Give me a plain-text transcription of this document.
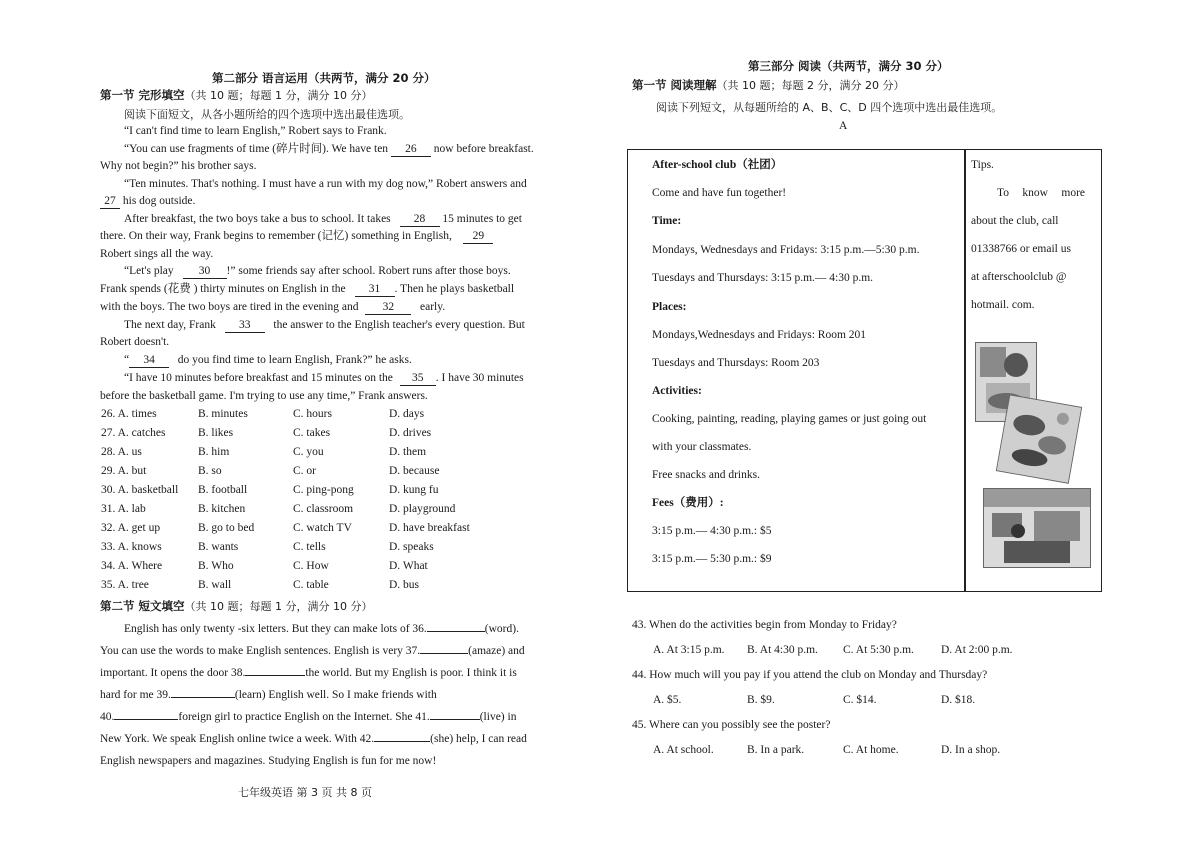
第二部分 语言运用（共两节，满分 20 分）
第一节 完形填空（共 10 题；每题 1 分，满分 10 分）
阅读下面短文，从各小题所给的四个选项中选出最佳选项。
“I can't find time to learn English,” Robert says to Frank.
“You can use fragments of time (碎片时间). We have ten 26 now before breakfast.
Why not begin?” his brother says.
“Ten minutes. That's nothing. I must have a run with my dog now,” Robert answers and
27 his dog outside.
After breakfast, the two boys take a bus to school. It takes 28 15 minutes to get
there. On their way, Frank begins to remember (记忆) something in English, 29
Robert sings all the way.
“Let's play 30 !” some friends say after school. Robert runs after those boys.
Frank spends (花费 ) thirty minutes on English in the 31 . Then he plays basketball
with the boys. The two boys are tired in the evening and 32 early.
The next day, Frank 33 the answer to the English teacher's every question. But
Robert doesn't.
“ 34 do you find time to learn English, Frank?” he asks.
“I have 10 minutes before breakfast and 15 minutes on the 35 . I have 30 minutes
before the basketball game. I'm trying to use any time,” Frank answers.
26. A. times	B. minutes	C. hours	D. days
27. A. catches	B. likes	C. takes	D. drives
28. A. us	B. him	C. you	D. them
29. A. but	B. so	C. or	D. because
30. A. basketball B. football	C. ping-pong	D. kung fu
31. A. lab	B. kitchen	C. classroom	D. playground
32. A. get up	B. go to bed	C. watch TV	D. have breakfast
33. A. knows	B. wants	C. tells	D. speaks
34. A. Where	B. Who	C. How	D. What
35. A. tree	B. wall	C. table	D. bus
第二节 短文填空（共 10 题；每题 1 分，满分 10 分）
English has only twenty -six letters. But they can make lots of 36.	(word).
You can use the words to make English sentences. English is very 37.	(amaze) and
important. It opens the door 38.	the world. But my English is poor. I think it is
hard for me 39.	(learn) English well. So I make friends with
40.	foreign girl to practice English on the Internet. She 41.	(live) in
New York. We speak English online twice a week. With 42.	(she) help, I can read
English newspapers and magazines. Studying English is fun for me now!
七年级英语 第 3 页 共 8 页
第三部分 阅读（共两节，满分 30 分）
第一节 阅读理解（共 10 题；每题 2 分，满分 20 分）
阅读下列短文，从每题所给的 A、B、C、D 四个选项中选出最佳选项。
A
After-school club（社团）
Come and have fun together!
Time:
Mondays, Wednesdays and Fridays: 3:15 p.m.—5:30 p.m.
Tuesdays and Thursdays: 3:15 p.m.— 4:30 p.m.
Places:
Mondays,Wednesdays and Fridays: Room 201
Tuesdays and Thursdays: Room 203
Activities:
Cooking, painting, reading, playing games or just going out
with your classmates.
Free snacks and drinks.
Fees（费用）:
3:15 p.m.— 4:30 p.m.: $5
3:15 p.m.— 5:30 p.m.: $9
Tips.
To know more
about the club, call
01338766 or email us
at afterschoolclub @
hotmail. com.
43. When do the activities begin from Monday to Friday?
A. At 3:15 p.m. B. At 4:30 p.m. C. At 5:30 p.m. D. At 2:00 p.m.
44. How much will you pay if you attend the club on Monday and Thursday?
A. $5.	B. $9.	C. $14.	D. $18.
45. Where can you possibly see the poster?
A. At school.	B. In a park.	C. At home.	D. In a shop.
